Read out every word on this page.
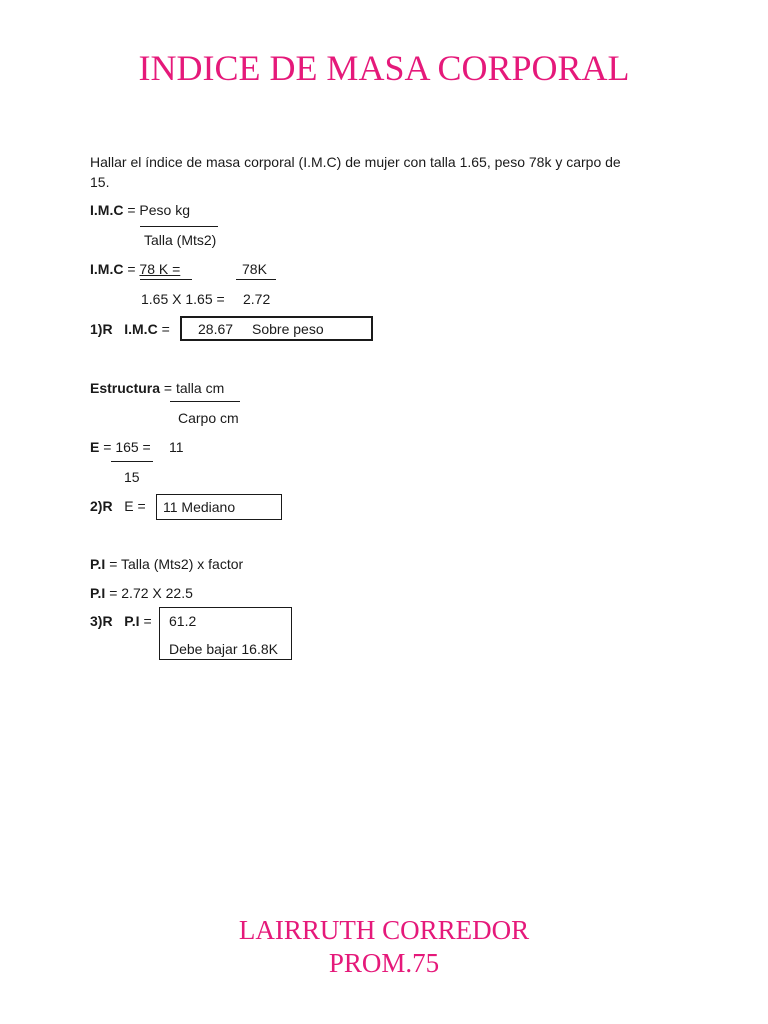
INDICE DE MASA CORPORAL
Hallar el índice de masa corporal (I.M.C) de mujer con talla 1.65, peso 78k y carpo de
15.
I.M.C = Peso kg
Talla (Mts2)
I.M.C = 78 K =	78K
1.65 X 1.65 = 2.72
1)R I.M.C = 28.67 Sobre peso
Estructura = talla cm
Carpo cm
E = 165 = 11
15
2)R E = 11 Mediano
P.I = Talla (Mts2) x factor
P.I = 2.72 X 22.5
3)R P.I = 61.2
Debe bajar 16.8K
LAIRRUTH CORREDOR
PROM.75
